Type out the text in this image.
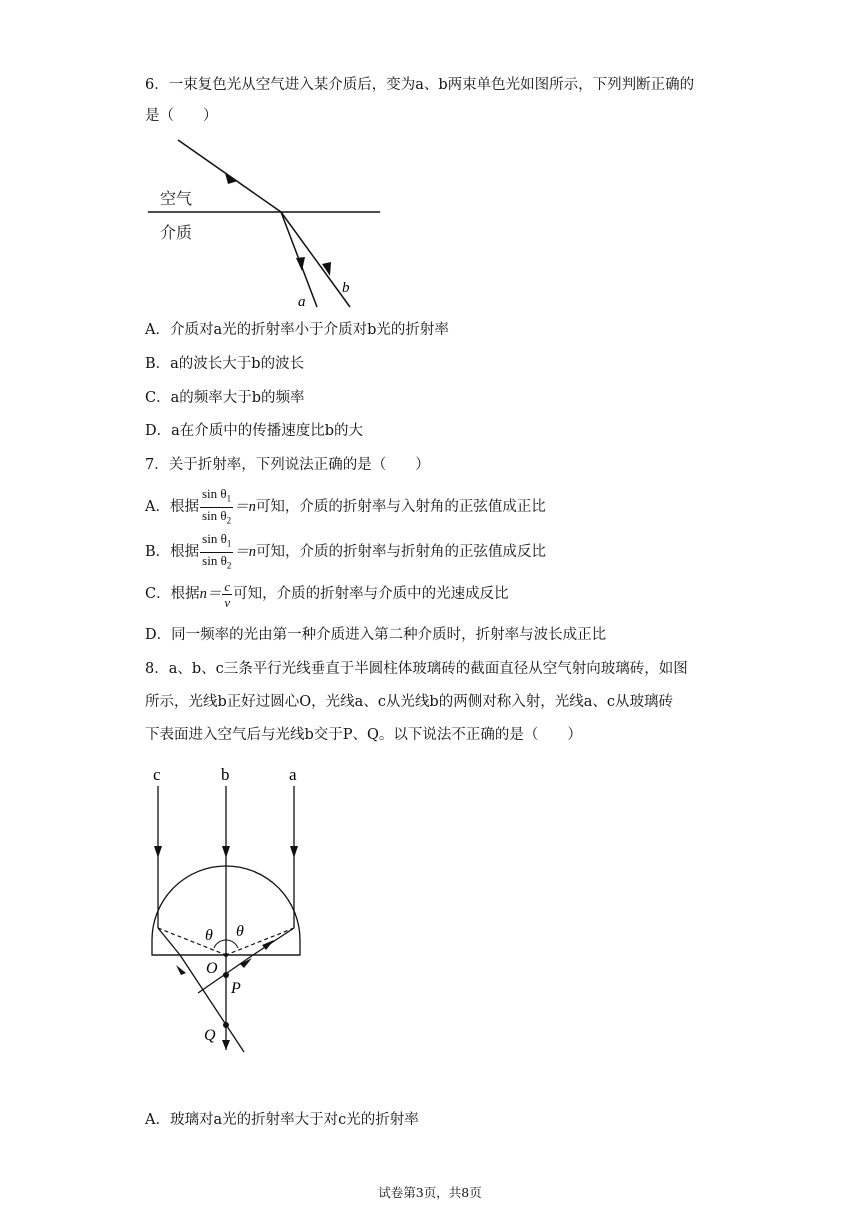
6．一束复色光从空气进入某介质后，变为a、b两束单色光如图所示，下列判断正确的
是（　　）
空气
介质
a
b
A．介质对a光的折射率小于介质对b光的折射率
B．a的波长大于b的波长
C．a的频率大于b的频率
D．a在介质中的传播速度比b的大
7．关于折射率，下列说法正确的是（　　）
A．根据 $\frac{\sin \theta_1}{\sin \theta_2} =n$可知，介质的折射率与入射角的正弦值成正比
B．根据 $\frac{\sin \theta_1}{\sin \theta_2} =n$可知，介质的折射率与折射角的正弦值成反比
C．根据$n= \frac{c}{v}$ 可知，介质的折射率与介质中的光速成反比
D．同一频率的光由第一种介质进入第二种介质时，折射率与波长成正比
8．a、b、c三条平行光线垂直于半圆柱体玻璃砖的截面直径从空气射向玻璃砖，如图
所示，光线b正好过圆心O，光线a、c从光线b的两侧对称入射，光线a、c从玻璃砖
下表面进入空气后与光线b交于P、Q。以下说法不正确的是（　　）
c	b	a
θ θ
O
P
Q
A．玻璃对a光的折射率大于对c光的折射率
试卷第3页，共8页
